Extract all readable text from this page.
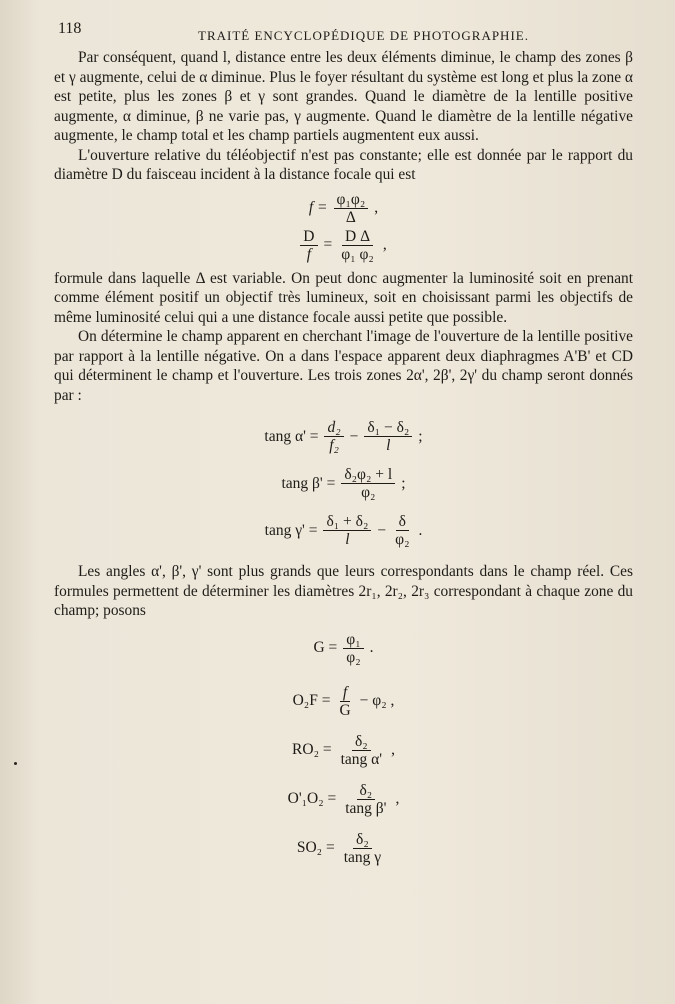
118	TRAITÉ ENCYCLOPÉDIQUE DE PHOTOGRAPHIE.

Par conséquent, quand l, distance entre les deux éléments diminue, le champ des zones β et γ augmente, celui de α diminue. Plus le foyer résultant du système est long et plus la zone α est petite, plus les zones β et γ sont grandes. Quand le diamètre de la lentille positive augmente, α diminue, β ne varie pas, γ augmente. Quand le diamètre de la lentille négative augmente, le champ total et les champ partiels augmentent eux aussi.

L'ouverture relative du téléobjectif n'est pas constante; elle est donnée par le rapport du diamètre D du faisceau incident à la distance focale qui est

$f = \frac{\text{φ₁φ₂}}{\Delta}$ ,
$\frac{D}{f} = \frac{\text{D Δ}}{\text{φ₁ φ₂}}$ ,

formule dans laquelle Δ est variable. On peut donc augmenter la luminosité soit en prenant comme élément positif un objectif très lumineux, soit en choisissant parmi les objectifs de même luminosité celui qui a une distance focale aussi petite que possible.

On détermine le champ apparent en cherchant l'image de l'ouverture de la lentille positive par rapport à la lentille négative. On a dans l'espace apparent deux diaphragmes A'B' et CD qui déterminent le champ et l'ouverture. Les trois zones 2α', 2β', 2γ' du champ seront donnés par :

tang $\alpha' = \frac{\text{d₂}}{\text{f₂}} - \frac{\text{δ₁ − δ₂}}{l}$ ;
tang $\beta' = \frac{\text{δ₂φ₂ + l}}{\text{φ₂}}$ ;
tang $\gamma' = \frac{\text{δ₁ + δ₂}}{l} - \frac{\delta}{\text{φ₂}}$ .

Les angles α', β', γ' sont plus grands que leurs correspondants dans le champ réel. Ces formules permettent de déterminer les diamètres 2r₁, 2r₂, 2r₃ correspondant à chaque zone du champ; posons

$G = \frac{\text{φ₁}}{\text{φ₂}}$ .
$O_2F = \frac{f}{G} - \varphi_2$ ,
$RO_2 = \frac{\text{δ₂}}{\text{tang α'}}$ ,
$O'_1O_2 = \frac{\text{δ₂}}{\text{tang β'}}$ ,
$SO_2 = \frac{\text{δ₂}}{\text{tang γ}}$
